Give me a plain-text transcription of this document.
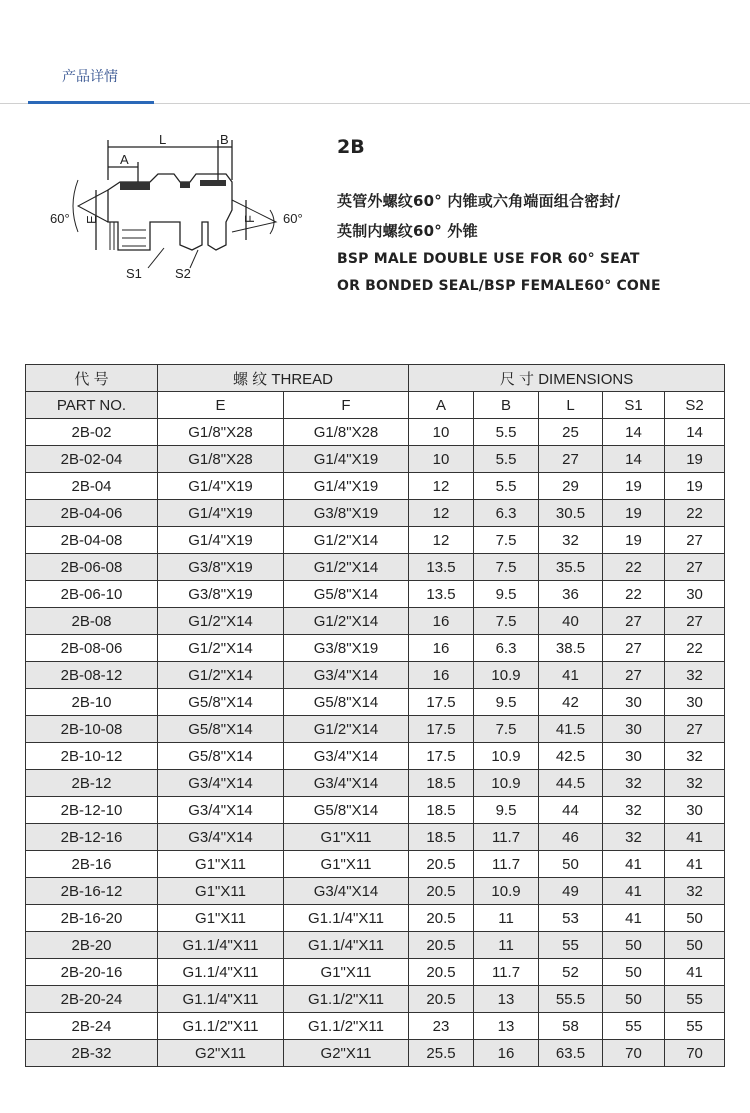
产品详情
L	B
A
E	F
60°	60°
S1	S2
2B
英管外螺纹60° 内锥或六角端面组合密封/
英制内螺纹60° 外锥
BSP MALE DOUBLE USE FOR 60° SEAT
OR BONDED SEAL/BSP FEMALE60° CONE
代 号	螺 纹 THREAD		尺 寸 DIMENSIONS				
PART NO.	E	F	A	B	L	S1	S2
2B-02	G1/8"X28	G1/8"X28	10	5.5	25	14	14
2B-02-04	G1/8"X28	G1/4"X19	10	5.5	27	14	19
2B-04	G1/4"X19	G1/4"X19	12	5.5	29	19	19
2B-04-06	G1/4"X19	G3/8"X19	12	6.3	30.5	19	22
2B-04-08	G1/4"X19	G1/2"X14	12	7.5	32	19	27
2B-06-08	G3/8"X19	G1/2"X14	13.5	7.5	35.5	22	27
2B-06-10	G3/8"X19	G5/8"X14	13.5	9.5	36	22	30
2B-08	G1/2"X14	G1/2"X14	16	7.5	40	27	27
2B-08-06	G1/2"X14	G3/8"X19	16	6.3	38.5	27	22
2B-08-12	G1/2"X14	G3/4"X14	16	10.9	41	27	32
2B-10	G5/8"X14	G5/8"X14	17.5	9.5	42	30	30
2B-10-08	G5/8"X14	G1/2"X14	17.5	7.5	41.5	30	27
2B-10-12	G5/8"X14	G3/4"X14	17.5	10.9	42.5	30	32
2B-12	G3/4"X14	G3/4"X14	18.5	10.9	44.5	32	32
2B-12-10	G3/4"X14	G5/8"X14	18.5	9.5	44	32	30
2B-12-16	G3/4"X14	G1"X11	18.5	11.7	46	32	41
2B-16	G1"X11	G1"X11	20.5	11.7	50	41	41
2B-16-12	G1"X11	G3/4"X14	20.5	10.9	49	41	32
2B-16-20	G1"X11	G1.1/4"X11	20.5	11	53	41	50
2B-20	G1.1/4"X11	G1.1/4"X11	20.5	11	55	50	50
2B-20-16	G1.1/4"X11	G1"X11	20.5	11.7	52	50	41
2B-20-24	G1.1/4"X11	G1.1/2"X11	20.5	13	55.5	50	55
2B-24	G1.1/2"X11	G1.1/2"X11	23	13	58	55	55
2B-32	G2"X11	G2"X11	25.5	16	63.5	70	70
